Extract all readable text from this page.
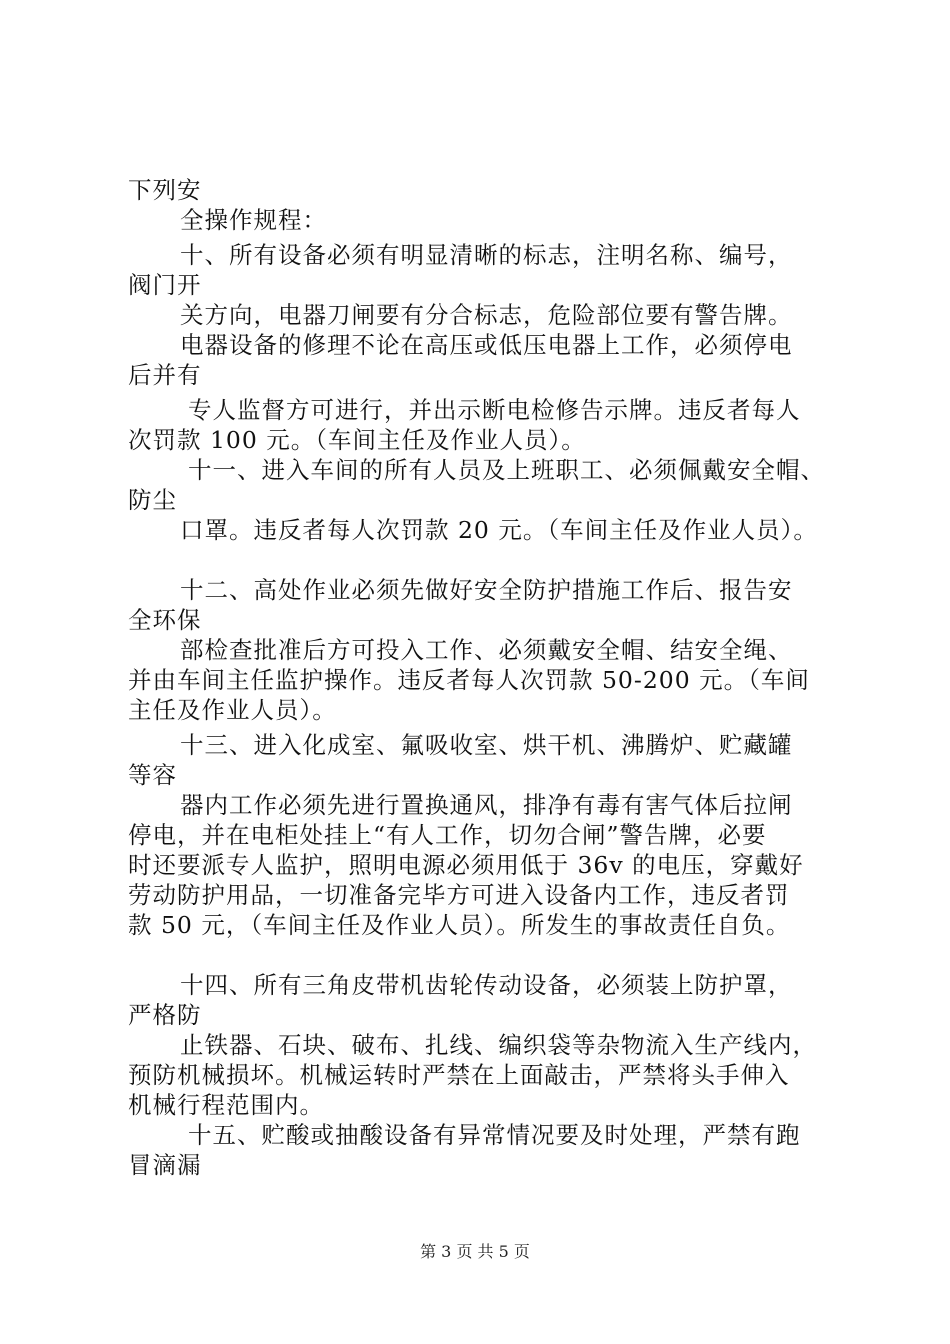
下列安
全操作规程：
十、所有设备必须有明显清晰的标志，注明名称、编号，
阀门开
关方向，电器刀闸要有分合标志，危险部位要有警告牌。
电器设备的修理不论在高压或低压电器上工作，必须停电
后并有
专人监督方可进行，并出示断电检修告示牌。违反者每人
次罚款 100 元。（车间主任及作业人员）。
十一、进入车间的所有人员及上班职工、必须佩戴安全帽、
防尘
口罩。违反者每人次罚款 20 元。（车间主任及作业人员）。
十二、高处作业必须先做好安全防护措施工作后、报告安
全环保
部检查批准后方可投入工作、必须戴安全帽、结安全绳、
并由车间主任监护操作。违反者每人次罚款 50-200 元。（车间
主任及作业人员）。
十三、进入化成室、氟吸收室、烘干机、沸腾炉、贮藏罐
等容
器内工作必须先进行置换通风，排净有毒有害气体后拉闸
停电，并在电柜处挂上“有人工作，切勿合闸”警告牌，必要
时还要派专人监护，照明电源必须用低于 36v 的电压，穿戴好
劳动防护用品，一切准备完毕方可进入设备内工作，违反者罚
款 50 元，（车间主任及作业人员）。所发生的事故责任自负。
十四、所有三角皮带机齿轮传动设备，必须装上防护罩，
严格防
止铁器、石块、破布、扎线、编织袋等杂物流入生产线内，
预防机械损坏。机械运转时严禁在上面敲击，严禁将头手伸入
机械行程范围内。
十五、贮酸或抽酸设备有异常情况要及时处理，严禁有跑
冒滴漏
第 3 页 共 5 页
